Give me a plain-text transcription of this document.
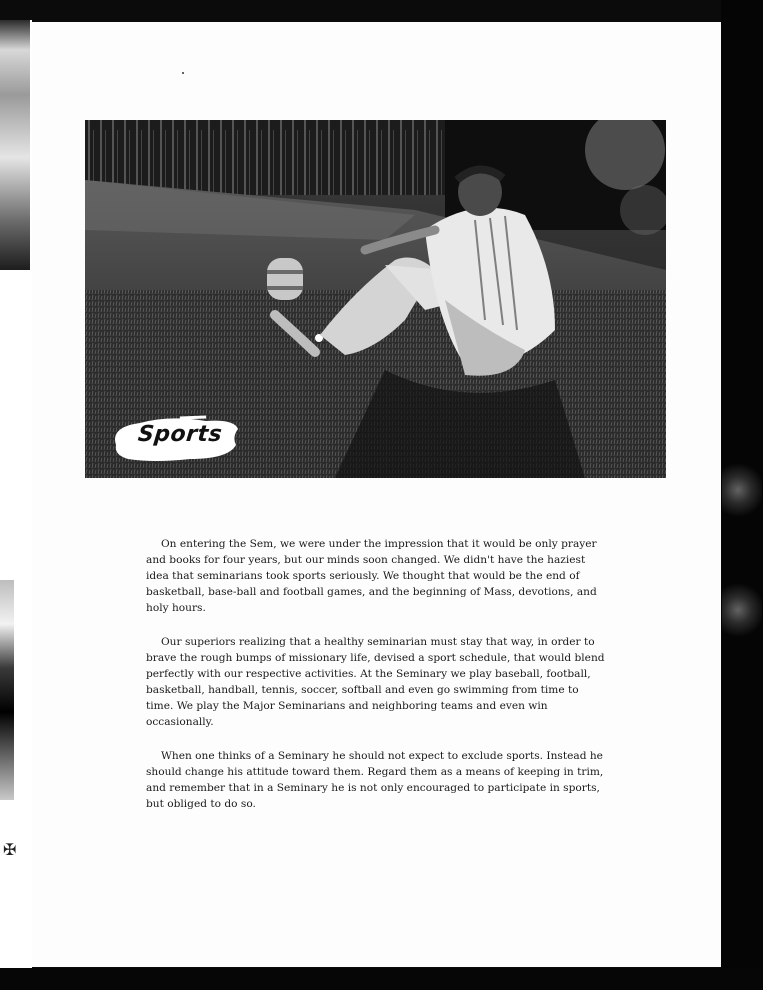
✠
Sports

On entering the Sem, we were under the impression that it would be only prayer and books for four years, but our minds soon changed. We didn't have the haziest idea that seminarians took sports seriously. We thought that would be the end of basketball, base-ball and football games, and the beginning of Mass, devotions, and holy hours.

Our superiors realizing that a healthy seminarian must stay that way, in order to brave the rough bumps of missionary life, devised a sport schedule, that would blend perfectly with our respective activities. At the Seminary we play baseball, football, basketball, handball, tennis, soccer, softball and even go swimming from time to time. We play the Major Seminarians and neighboring teams and even win occasionally.

When one thinks of a Seminary he should not expect to exclude sports. Instead he should change his attitude toward them. Regard them as a means of keeping in trim, and remember that in a Seminary he is not only encouraged to participate in sports, but obliged to do so.
